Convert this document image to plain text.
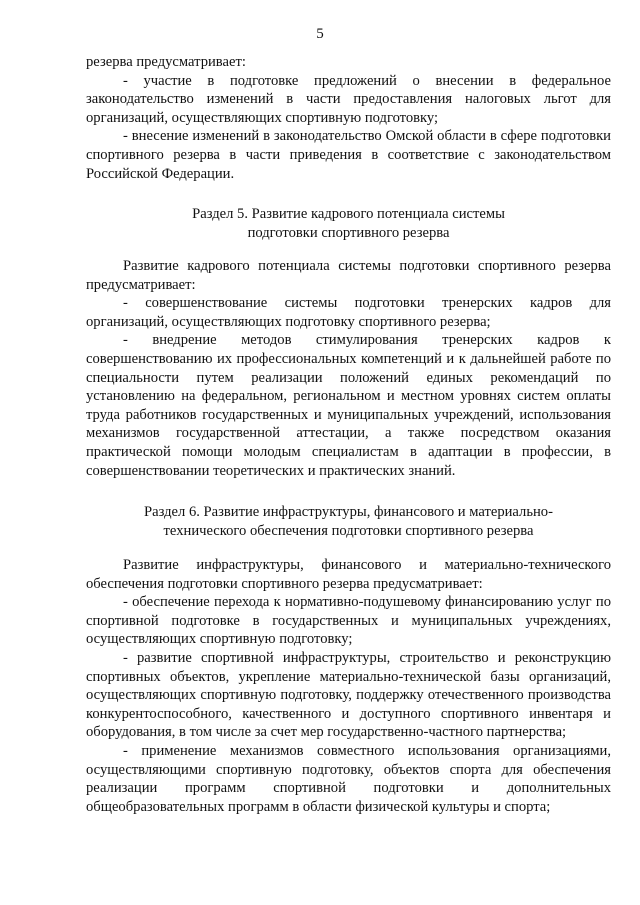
5

резерва предусматривает:

- участие в подготовке предложений о внесении в федеральное законодательство изменений в части предоставления налоговых льгот для организаций, осуществляющих спортивную подготовку;

- внесение изменений в законодательство Омской области в сфере подготовки спортивного резерва в части приведения в соответствие с законодательством Российской Федерации.

Раздел 5. Развитие кадрового потенциала системы
подготовки спортивного резерва

Развитие кадрового потенциала системы подготовки спортивного резерва предусматривает:

- совершенствование системы подготовки тренерских кадров для организаций, осуществляющих подготовку спортивного резерва;

- внедрение методов стимулирования тренерских кадров к совершенствованию их профессиональных компетенций и к дальнейшей работе по специальности путем реализации положений единых рекомендаций по установлению на федеральном, региональном и местном уровнях систем оплаты труда работников государственных и муниципальных учреждений, использования механизмов государственной аттестации, а также посредством оказания практической помощи молодым специалистам в адаптации в профессии, в совершенствовании теоретических и практических знаний.

Раздел 6. Развитие инфраструктуры, финансового и материально-
технического обеспечения подготовки спортивного резерва

Развитие инфраструктуры, финансового и материально-технического обеспечения подготовки спортивного резерва предусматривает:

- обеспечение перехода к нормативно-подушевому финансированию услуг по спортивной подготовке в государственных и муниципальных учреждениях, осуществляющих спортивную подготовку;

- развитие спортивной инфраструктуры, строительство и реконструкцию спортивных объектов, укрепление материально-технической базы организаций, осуществляющих спортивную подготовку, поддержку отечественного производства конкурентоспособного, качественного и доступного спортивного инвентаря и оборудования, в том числе за счет мер государственно-частного партнерства;

- применение механизмов совместного использования организациями, осуществляющими спортивную подготовку, объектов спорта для обеспечения реализации программ спортивной подготовки и дополнительных общеобразовательных программ в области физической культуры и спорта;
